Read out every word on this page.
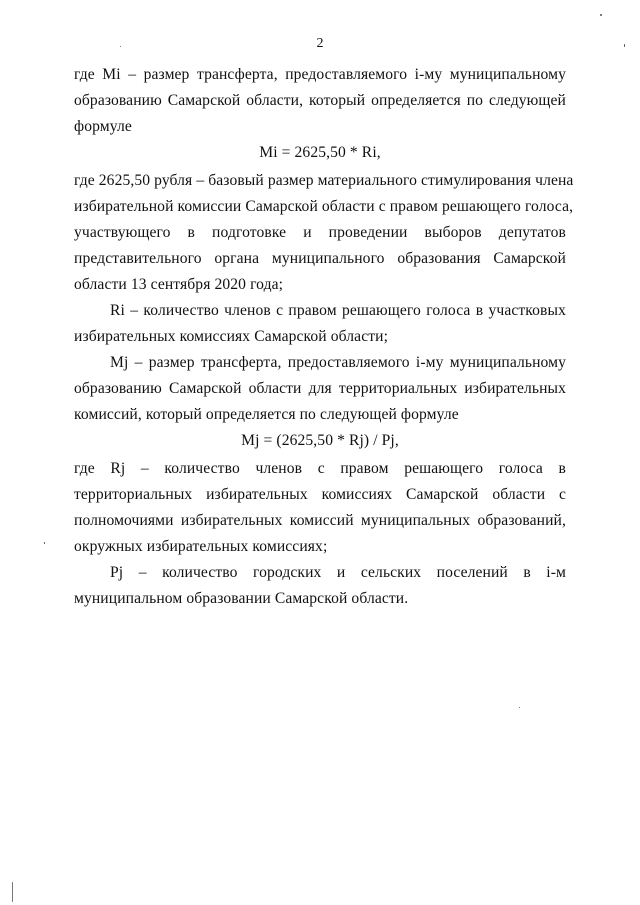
2
где Mi – размер трансферта, предоставляемого i-му муниципальному
образованию Самарской области, который определяется по следующей
формуле
Mi = 2625,50 * Ri,
где 2625,50 рубля – базовый размер материального стимулирования члена
избирательной комиссии Самарской области с правом решающего голоса,
участвующего в подготовке и проведении выборов депутатов
представительного органа муниципального образования Самарской
области 13 сентября 2020 года;
Ri – количество членов с правом решающего голоса в участковых
избирательных комиссиях Самарской области;
Mj – размер трансферта, предоставляемого i-му муниципальному
образованию Самарской области для территориальных избирательных
комиссий, который определяется по следующей формуле
Mj = (2625,50 * Rj) / Pj,
где Rj – количество членов с правом решающего голоса в
территориальных избирательных комиссиях Самарской области с
полномочиями избирательных комиссий муниципальных образований,
окружных избирательных комиссиях;
Pj – количество городских и сельских поселений в i-м
муниципальном образовании Самарской области.
